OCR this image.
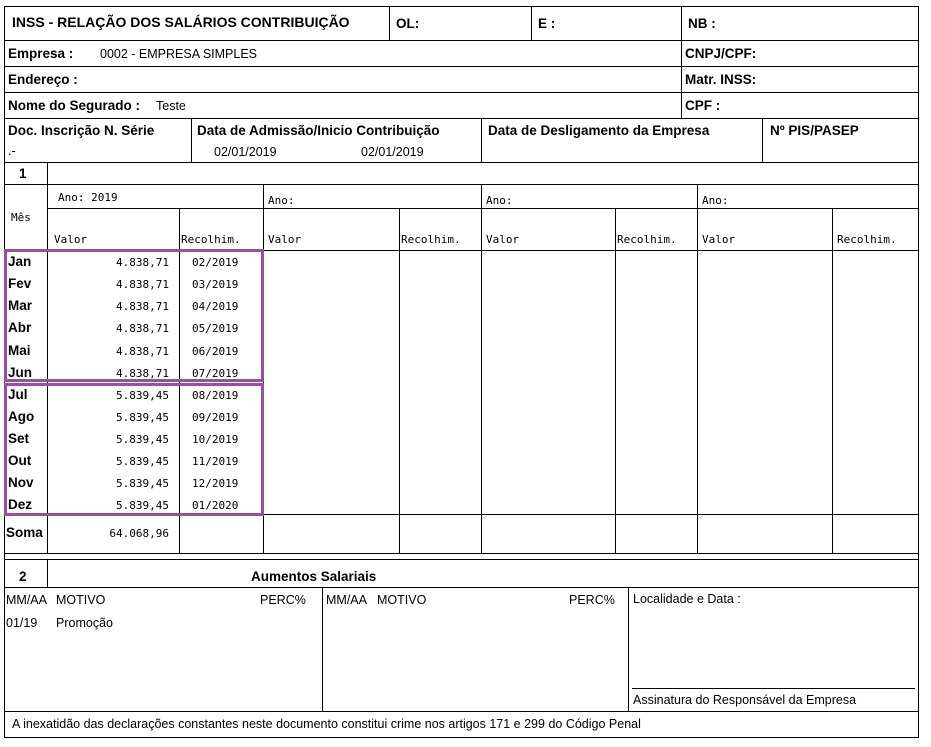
INSS - RELAÇÃO DOS SALÁRIOS CONTRIBUIÇÃO	OL:	E :	NB :
Empresa : 0002 - EMPRESA SIMPLES	CNPJ/CPF:
Endereço :	Matr. INSS:
Nome do Segurado : Teste	CPF :
Doc. Inscrição N. Série
.-
Data de Admissão/Inicio Contribuição
02/01/2019	02/01/2019
Data de Desligamento da Empresa	Nº PIS/PASEP
1
Mês
Ano: 2019	Ano:	Ano:	Ano:
Valor	Recolhim. Valor	Recolhim. Valor	Recolhim. Valor	Recolhim.
Jan	4.838,71 02/2019
Fev	4.838,71 03/2019
Mar	4.838,71 04/2019
Abr	4.838,71 05/2019
Mai	4.838,71 06/2019
Jun	4.838,71 07/2019
Jul	5.839,45 08/2019
Ago	5.839,45 09/2019
Set	5.839,45 10/2019
Out	5.839,45 11/2019
Nov	5.839,45 12/2019
Dez	5.839,45 01/2020
Soma	64.068,96
2	Aumentos Salariais
MM/AA MOTIVO	PERC% MM/AA MOTIVO	PERC% Localidade e Data :
01/19 Promoção
Assinatura do Responsável da Empresa
A inexatidão das declarações constantes neste documento constitui crime nos artigos 171 e 299 do Código Penal
